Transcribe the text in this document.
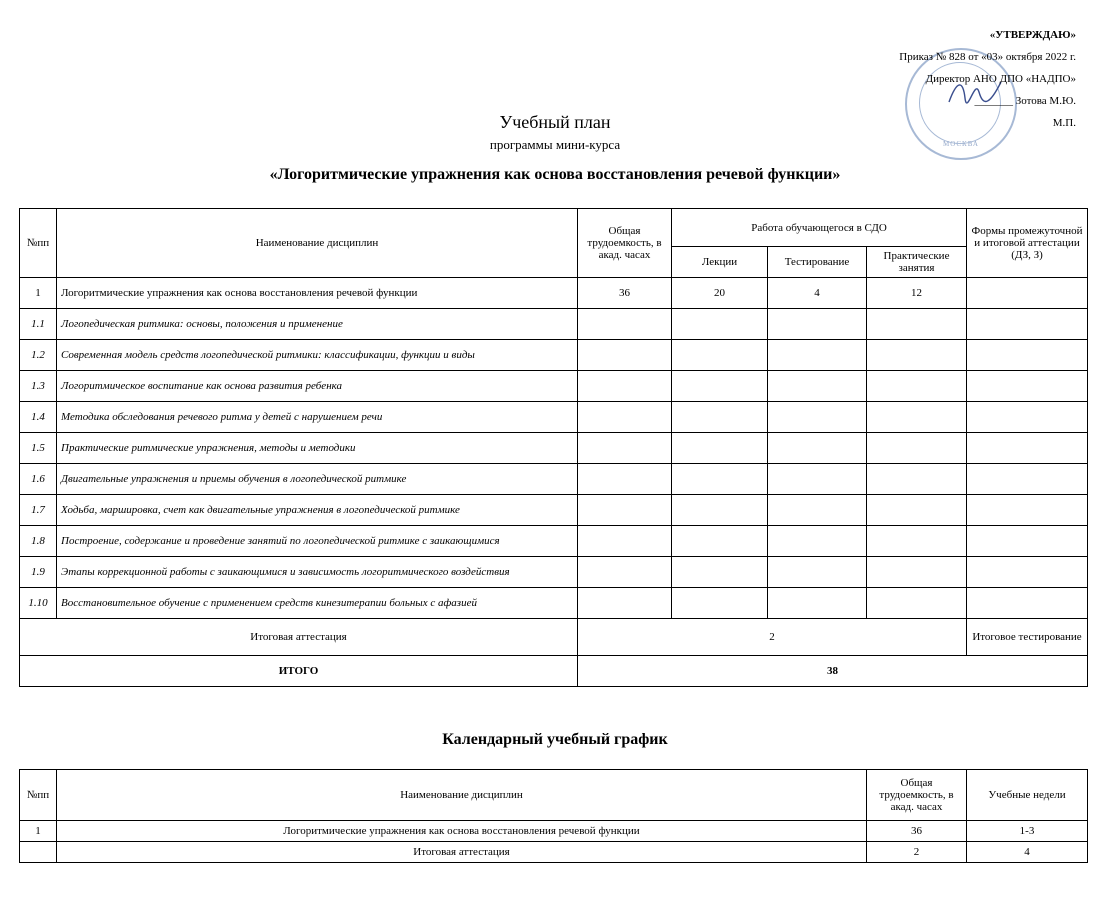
МОСКВА
«УТВЕРЖДАЮ»
Приказ № 828 от «03» октября 2022 г.
Директор АНО ДПО «НАДПО»
_______ Зотова М.Ю.
М.П.
Учебный план
программы мини-курса
«Логоритмические упражнения как основа восстановления речевой функции»
№пп	Наименование дисциплин	Общая трудоемкость, в акад. часах	Работа обучающегося в СДО			Формы промежуточной и итоговой аттестации (ДЗ, З)
			Лекции	Тестирование	Практические занятия	
1	Логоритмические упражнения как основа восстановления речевой функции	36	20	4	12	
1.1	Логопедическая ритмика: основы, положения и применение					
1.2	Современная модель средств логопедической ритмики: классификации, функции и виды					
1.3	Логоритмическое воспитание как основа развития ребенка					
1.4	Методика обследования речевого ритма у детей с нарушением речи					
1.5	Практические ритмические упражнения, методы и методики					
1.6	Двигательные упражнения и приемы обучения в логопедической ритмике					
1.7	Ходьба, маршировка, счет как двигательные упражнения в логопедической ритмике					
1.8	Построение, содержание и проведение занятий по логопедической ритмике с заикающимися					
1.9	Этапы коррекционной работы с заикающимися и зависимость логоритмического воздействия					
1.10	Восстановительное обучение с применением средств кинезитерапии больных с афазией					
Итоговая аттестация		2				Итоговое тестирование
ИТОГО		38				
Календарный учебный график
№пп	Наименование дисциплин	Общая трудоемкость, в акад. часах	Учебные недели
1	Логоритмические упражнения как основа восстановления речевой функции	36	1-3
	Итоговая аттестация	2	4
